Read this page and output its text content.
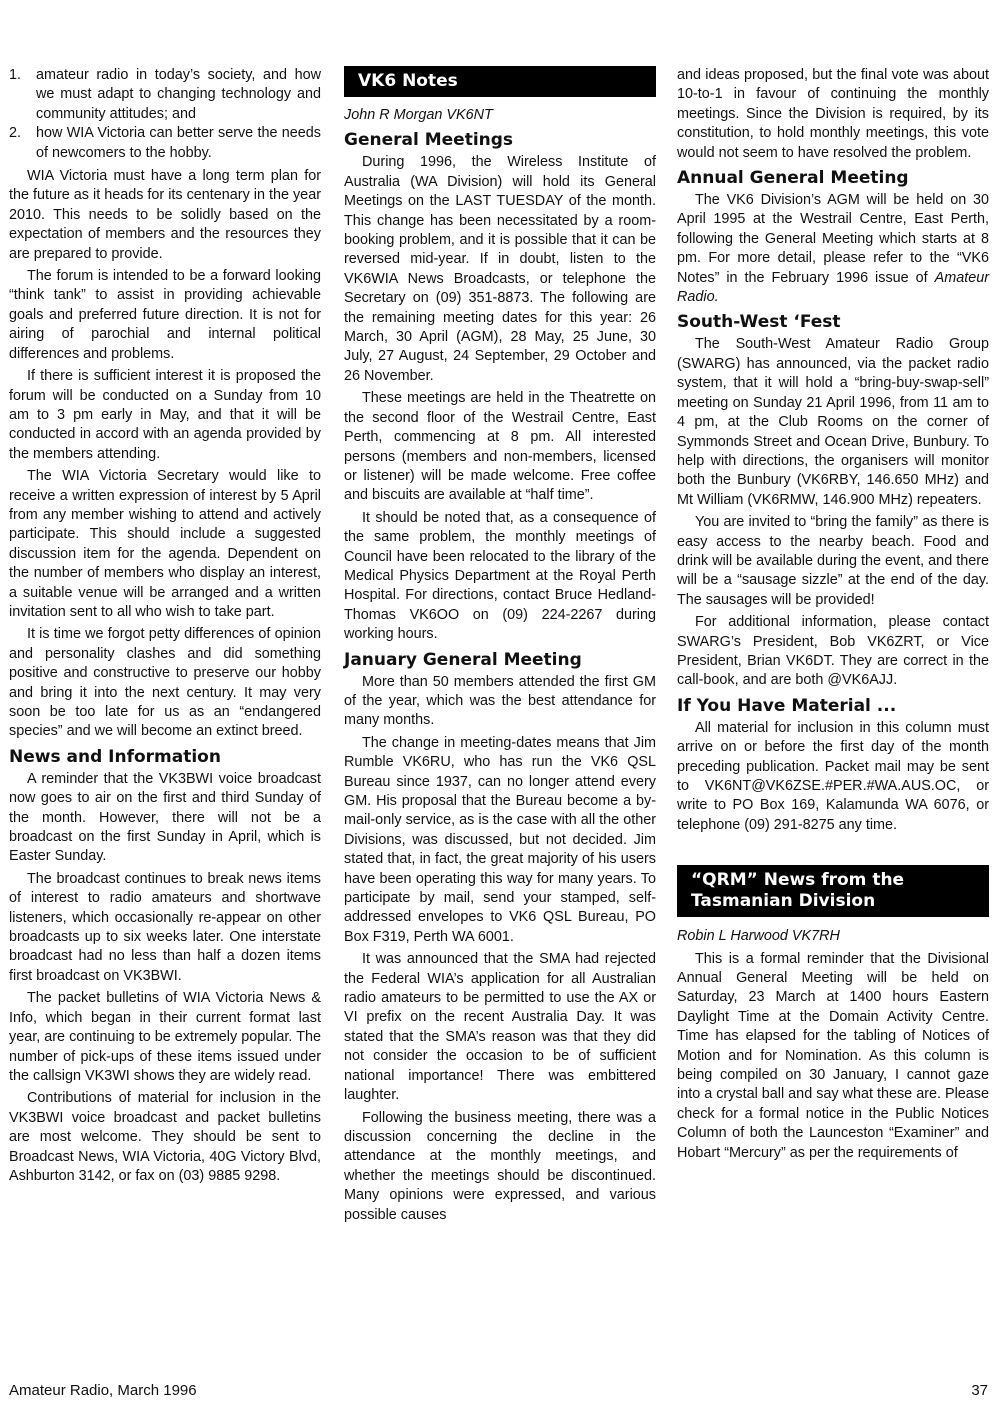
1.	amateur radio in today’s society, and how we must adapt to changing technology and community attitudes; and
2.	how WIA Victoria can better serve the needs of newcomers to the hobby.

WIA Victoria must have a long term plan for the future as it heads for its centenary in the year 2010. This needs to be solidly based on the expectation of members and the resources they are prepared to provide.

The forum is intended to be a forward looking “think tank” to assist in providing achievable goals and preferred future direction. It is not for airing of parochial and internal political differences and problems.

If there is sufficient interest it is proposed the forum will be conducted on a Sunday from 10 am to 3 pm early in May, and that it will be conducted in accord with an agenda provided by the members attending.

The WIA Victoria Secretary would like to receive a written expression of interest by 5 April from any member wishing to attend and actively participate. This should include a suggested discussion item for the agenda. Dependent on the number of members who display an interest, a suitable venue will be arranged and a written invitation sent to all who wish to take part.

It is time we forgot petty differences of opinion and personality clashes and did something positive and constructive to preserve our hobby and bring it into the next century. It may very soon be too late for us as an “endangered species” and we will become an extinct breed.

News and Information

A reminder that the VK3BWI voice broadcast now goes to air on the first and third Sunday of the month. However, there will not be a broadcast on the first Sunday in April, which is Easter Sunday.

The broadcast continues to break news items of interest to radio amateurs and shortwave listeners, which occasionally re-appear on other broadcasts up to six weeks later. One interstate broadcast had no less than half a dozen items first broadcast on VK3BWI.

The packet bulletins of WIA Victoria News & Info, which began in their current format last year, are continuing to be extremely popular. The number of pick-ups of these items issued under the callsign VK3WI shows they are widely read.

Contributions of material for inclusion in the VK3BWI voice broadcast and packet bulletins are most welcome. They should be sent to Broadcast News, WIA Victoria, 40G Victory Blvd, Ashburton 3142, or fax on (03) 9885 9298.

VK6 Notes

John R Morgan VK6NT

General Meetings

During 1996, the Wireless Institute of Australia (WA Division) will hold its General Meetings on the LAST TUESDAY of the month. This change has been necessitated by a room-booking problem, and it is possible that it can be reversed mid-year. If in doubt, listen to the VK6WIA News Broadcasts, or telephone the Secretary on (09) 351-8873. The following are the remaining meeting dates for this year: 26 March, 30 April (AGM), 28 May, 25 June, 30 July, 27 August, 24 September, 29 October and 26 November.

These meetings are held in the Theatrette on the second floor of the Westrail Centre, East Perth, commencing at 8 pm. All interested persons (members and non-members, licensed or listener) will be made welcome. Free coffee and biscuits are available at “half time”.

It should be noted that, as a consequence of the same problem, the monthly meetings of Council have been relocated to the library of the Medical Physics Department at the Royal Perth Hospital. For directions, contact Bruce Hedland-Thomas VK6OO on (09) 224-2267 during working hours.

January General Meeting

More than 50 members attended the first GM of the year, which was the best attendance for many months.

The change in meeting-dates means that Jim Rumble VK6RU, who has run the VK6 QSL Bureau since 1937, can no longer attend every GM. His proposal that the Bureau become a by-mail-only service, as is the case with all the other Divisions, was discussed, but not decided. Jim stated that, in fact, the great majority of his users have been operating this way for many years. To participate by mail, send your stamped, self-addressed envelopes to VK6 QSL Bureau, PO Box F319, Perth WA 6001.

It was announced that the SMA had rejected the Federal WIA’s application for all Australian radio amateurs to be permitted to use the AX or VI prefix on the recent Australia Day. It was stated that the SMA’s reason was that they did not consider the occasion to be of sufficient national importance! There was embittered laughter.

Following the business meeting, there was a discussion concerning the decline in the attendance at the monthly meetings, and whether the meetings should be discontinued. Many opinions were expressed, and various possible causes

and ideas proposed, but the final vote was about 10-to-1 in favour of continuing the monthly meetings. Since the Division is required, by its constitution, to hold monthly meetings, this vote would not seem to have resolved the problem.

Annual General Meeting

The VK6 Division’s AGM will be held on 30 April 1995 at the Westrail Centre, East Perth, following the General Meeting which starts at 8 pm. For more detail, please refer to the “VK6 Notes” in the February 1996 issue of Amateur Radio.

South-West ‘Fest

The South-West Amateur Radio Group (SWARG) has announced, via the packet radio system, that it will hold a “bring-buy-swap-sell” meeting on Sunday 21 April 1996, from 11 am to 4 pm, at the Club Rooms on the corner of Symmonds Street and Ocean Drive, Bunbury. To help with directions, the organisers will monitor both the Bunbury (VK6RBY, 146.650 MHz) and Mt William (VK6RMW, 146.900 MHz) repeaters.

You are invited to “bring the family” as there is easy access to the nearby beach. Food and drink will be available during the event, and there will be a “sausage sizzle” at the end of the day. The sausages will be provided!

For additional information, please contact SWARG’s President, Bob VK6ZRT, or Vice President, Brian VK6DT. They are correct in the call-book, and are both @VK6AJJ.

If You Have Material ...

All material for inclusion in this column must arrive on or before the first day of the month preceding publication. Packet mail may be sent to VK6NT@VK6ZSE.#PER.#WA.AUS.OC, or write to PO Box 169, Kalamunda WA 6076, or telephone (09) 291-8275 any time.

“QRM” News from the
Tasmanian Division

Robin L Harwood VK7RH

This is a formal reminder that the Divisional Annual General Meeting will be held on Saturday, 23 March at 1400 hours Eastern Daylight Time at the Domain Activity Centre. Time has elapsed for the tabling of Notices of Motion and for Nomination. As this column is being compiled on 30 January, I cannot gaze into a crystal ball and say what these are. Please check for a formal notice in the Public Notices Column of both the Launceston “Examiner” and Hobart “Mercury” as per the requirements of

Amateur Radio, March 1996	37
